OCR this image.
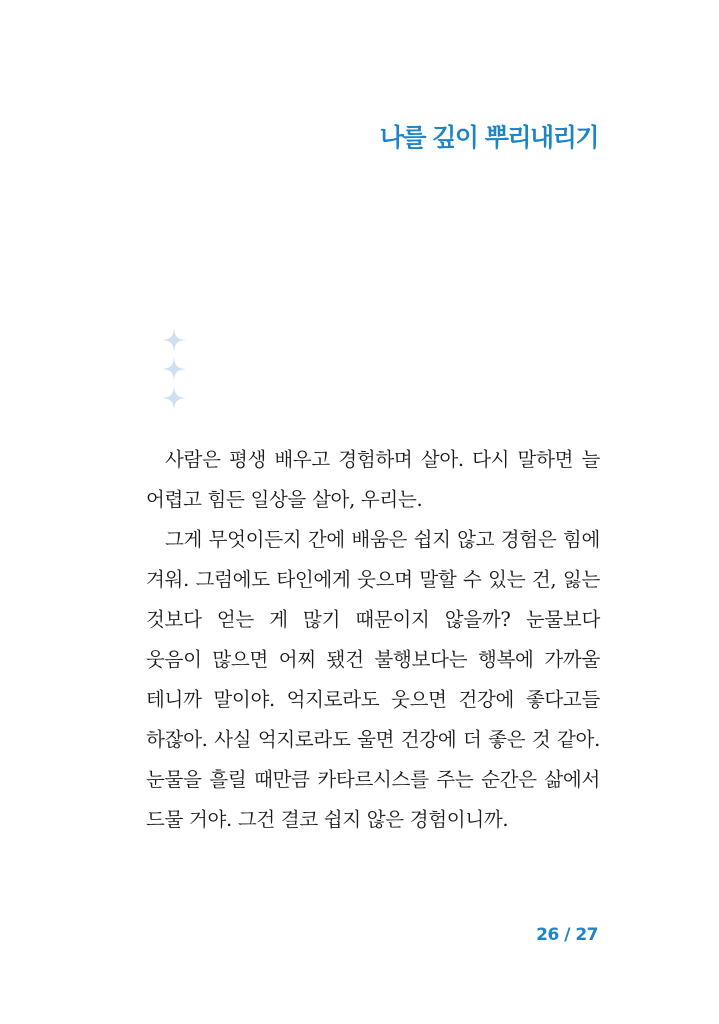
나를 깊이 뿌리내리기

사람은 평생 배우고 경험하며 살아. 다시 말하면 늘 어렵고 힘든 일상을 살아, 우리는.

그게 무엇이든지 간에 배움은 쉽지 않고 경험은 힘에 겨워. 그럼에도 타인에게 웃으며 말할 수 있는 건, 잃는 것보다 얻는 게 많기 때문이지 않을까? 눈물보다 웃음이 많으면 어찌 됐건 불행보다는 행복에 가까울 테니까 말이야. 억지로라도 웃으면 건강에 좋다고들 하잖아. 사실 억지로라도 울면 건강에 더 좋은 것 같아. 눈물을 흘릴 때만큼 카타르시스를 주는 순간은 삶에서 드물 거야. 그건 결코 쉽지 않은 경험이니까.

26 / 27
